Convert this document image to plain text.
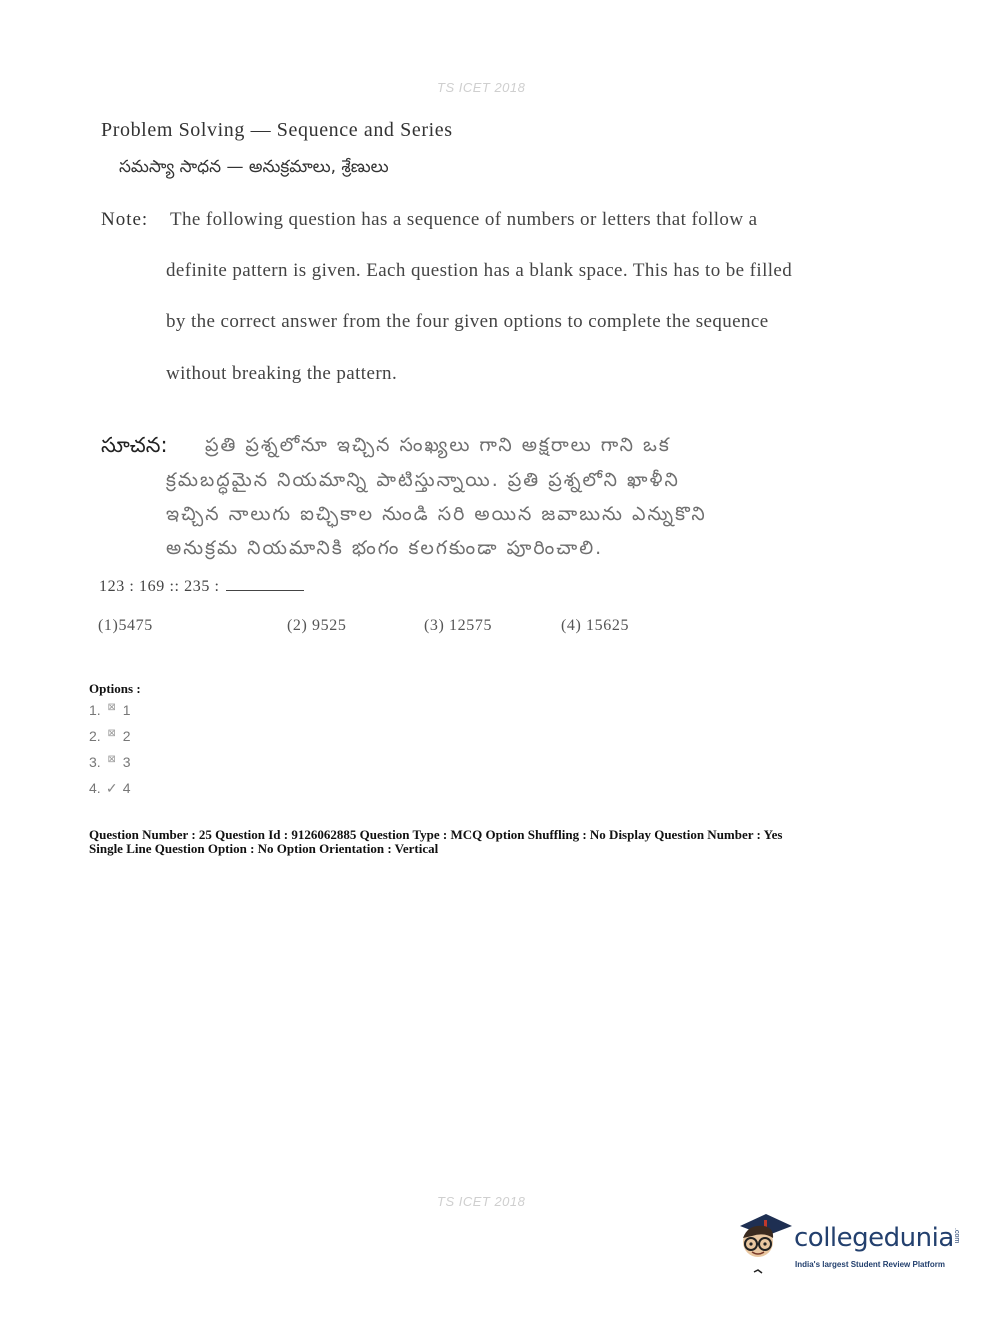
TS ICET 2018
Problem Solving — Sequence and Series
సమస్యా సాధన — అనుక్రమాలు, శ్రేణులు
Note: The following question has a sequence of numbers or letters that follow a
definite pattern is given. Each question has a blank space. This has to be filled
by the correct answer from the four given options to complete the sequence
without breaking the pattern.
సూచన: ప్రతి ప్రశ్నలోనూ ఇచ్చిన సంఖ్యలు గాని అక్షరాలు గాని ఒక
క్రమబద్ధమైన నియమాన్ని పాటిస్తున్నాయి. ప్రతి ప్రశ్నలోని ఖాళీని
ఇచ్చిన నాలుగు ఐచ్ఛికాల నుండి సరి అయిన జవాబును ఎన్నుకొని
అనుక్రమ నియమానికి భంగం కలగకుండా పూరించాలి.
123 : 169 :: 235 :
(1)5475	(2) 9525	(3) 12575	(4) 15625
Options :
1. ⊠ 1
2. ⊠ 2
3. ⊠ 3
4. ✓ 4
Question Number : 25 Question Id : 9126062885 Question Type : MCQ Option Shuffling : No Display Question Number : Yes
Single Line Question Option : No Option Orientation : Vertical
TS ICET 2018
collegedunia .com
India's largest Student Review Platform
